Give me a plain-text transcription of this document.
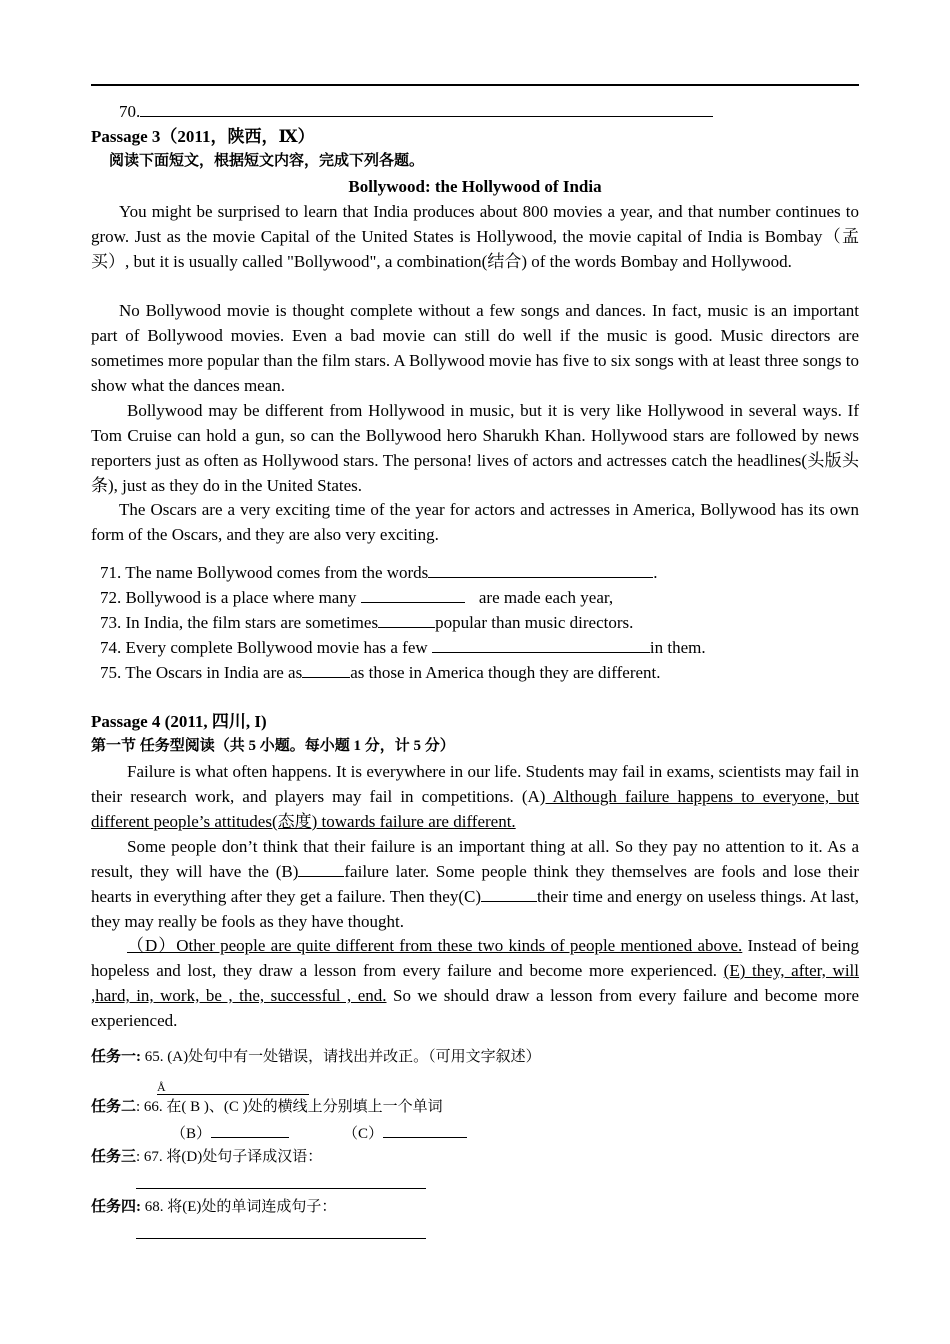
70.
Passage 3（2011，陕西，Ⅸ）
阅读下面短文，根据短文内容，完成下列各题。
Bollywood: the Hollywood of India
You might be surprised to learn that India produces about 800 movies a year, and that number continues to grow. Just as the movie Capital of the United States is Hollywood, the movie capital of India is Bombay（孟买）, but it is usually called "Bollywood", a combination(结合) of the words Bombay and Hollywood.
No Bollywood movie is thought complete without a few songs and dances. In fact, music is an important part of Bollywood movies. Even a bad movie can still do well if the music is good. Music directors are sometimes more popular than the film stars. A Bollywood movie has five to six songs with at least three songs to show what the dances mean.
Bollywood may be different from Hollywood in music, but it is very like Hollywood in several ways. If Tom Cruise can hold a gun, so can the Bollywood hero Sharukh Khan. Hollywood stars are followed by news reporters just as often as Hollywood stars. The persona! lives of actors and actresses catch the headlines(头版头条), just as they do in the United States.
The Oscars are a very exciting time of the year for actors and actresses in America, Bollywood has its own form of the Oscars, and they are also very exciting.
71. The name Bollywood comes from the words	.
72. Bollywood is a place where many	are made each year,
73. In India, the film stars are sometimes	popular than music directors.
74. Every complete Bollywood movie has a few	in them.
75. The Oscars in India are as	as those in America though they are different.
Passage 4 (2011, 四川, I)
第一节 任务型阅读（共 5 小题。每小题 1 分，计 5 分）
Failure is what often happens. It is everywhere in our life. Students may fail in exams, scientists may fail in their research work, and players may fail in competitions. (A) Although failure happens to everyone, but different people’s attitudes(态度) towards failure are different.
Some people don’t think that their failure is an important thing at all. So they pay no attention to it. As a result, they will have the (B)	failure later. Some people think they themselves are fools and lose their hearts in everything after they get a failure. Then they(C)	their time and energy on useless things. At last, they may really be fools as they have thought.
（D）Other people are quite different from these two kinds of people mentioned above. Instead of being hopeless and lost, they draw a lesson from every failure and become more experienced. (E) they, after, will ,hard, in, work, be , the, successful , end. So we should draw a lesson from every failure and become more experienced.
任务一: 65. (A)处句中有一处错误，请找出并改正。（可用文字叙述）
Å
任务二: 66. 在( B )、(C )处的横线上分别填上一个单词
（B）	（C）
任务三: 67. 将(D)处句子译成汉语：
任务四: 68. 将(E)处的单词连成句子：
